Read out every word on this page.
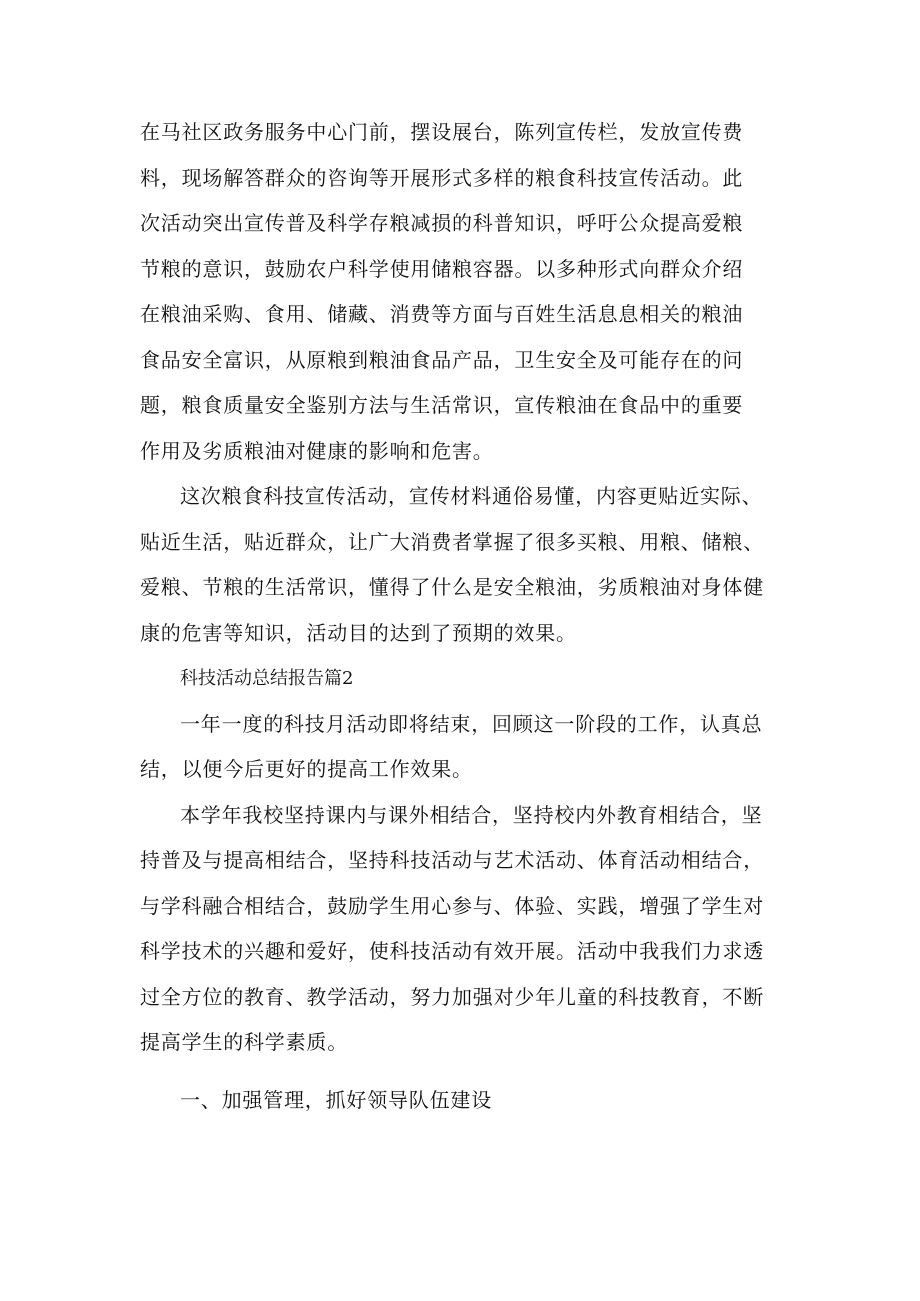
在马社区政务服务中心门前，摆设展台，陈列宣传栏，发放宣传费
料，现场解答群众的咨询等开展形式多样的粮食科技宣传活动。此
次活动突出宣传普及科学存粮减损的科普知识，呼吁公众提高爱粮
节粮的意识，鼓励农户科学使用储粮容器。以多种形式向群众介绍
在粮油采购、食用、储藏、消费等方面与百姓生活息息相关的粮油
食品安全富识，从原粮到粮油食品产品，卫生安全及可能存在的问
题，粮食质量安全鉴别方法与生活常识，宣传粮油在食品中的重要
作用及劣质粮油对健康的影响和危害。

这次粮食科技宣传活动，宣传材料通俗易懂，内容更贴近实际、
贴近生活，贴近群众，让广大消费者掌握了很多买粮、用粮、储粮、
爱粮、节粮的生活常识，懂得了什么是安全粮油，劣质粮油对身体健
康的危害等知识，活动目的达到了预期的效果。

科技活动总结报告篇2

一年一度的科技月活动即将结束，回顾这一阶段的工作，认真总
结，以便今后更好的提高工作效果。

本学年我校坚持课内与课外相结合，坚持校内外教育相结合，坚
持普及与提高相结合，坚持科技活动与艺术活动、体育活动相结合，
与学科融合相结合，鼓励学生用心参与、体验、实践，增强了学生对
科学技术的兴趣和爱好，使科技活动有效开展。活动中我我们力求透
过全方位的教育、教学活动，努力加强对少年儿童的科技教育，不断
提高学生的科学素质。

一、加强管理，抓好领导队伍建设
